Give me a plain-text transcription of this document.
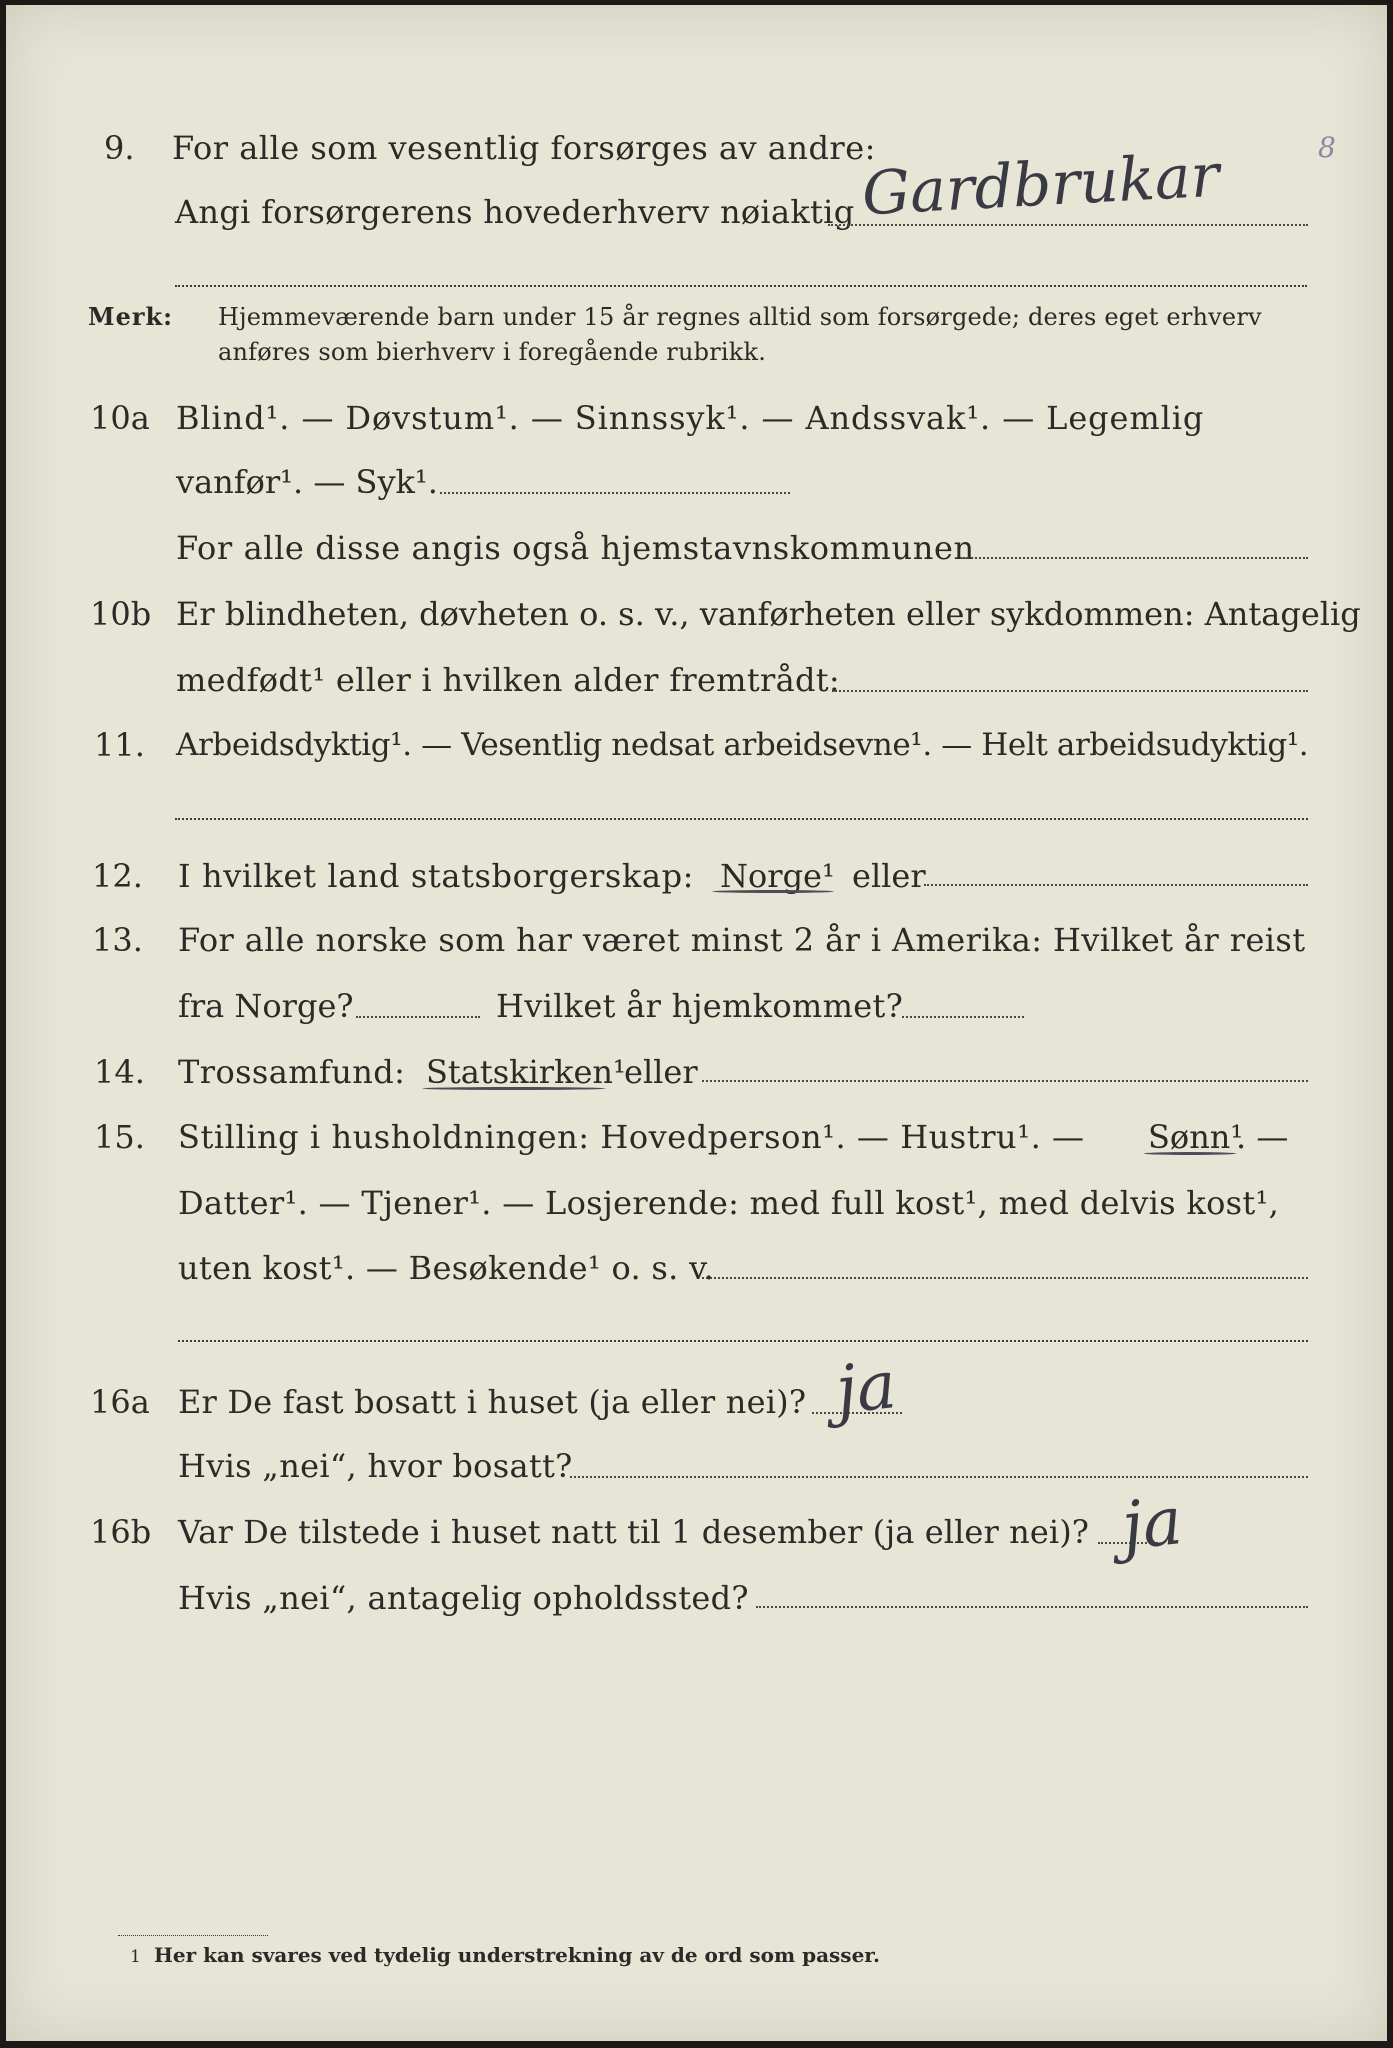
9. For alle som vesentlig forsørges av andre:
Angi forsørgerens hovederhverv nøiaktig Gardbrukar	8
Merk: Hjemmeværende barn under 15 år regnes alltid som forsørgede; deres eget erhverv
anføres som bierhverv i foregående rubrikk.
10a Blind¹. — Døvstum¹. — Sinnssyk¹. — Andssvak¹. — Legemlig
vanfør¹. — Syk¹.
For alle disse angis også hjemstavnskommunen
10b Er blindheten, døvheten o. s. v., vanførheten eller sykdommen: Antagelig
medfødt¹ eller i hvilken alder fremtrådt:
11. Arbeidsdyktig¹. — Vesentlig nedsat arbeidsevne¹. — Helt arbeidsudyktig¹.
12. I hvilket land statsborgerskap: Norge¹ eller
13. For alle norske som har været minst 2 år i Amerika: Hvilket år reist
fra Norge?	Hvilket år hjemkommet?
14. Trossamfund: Statskirken¹
eller
15. Stilling i husholdningen: Hovedperson¹. — Hustru¹. — Sønn¹
. —
Datter¹. — Tjener¹. — Losjerende: med full kost¹, med delvis kost¹,
uten kost¹. — Besøkende¹ o. s. v.
16a Er De fast bosatt i huset (ja eller nei)? ja
Hvis „nei“, hvor bosatt?
16b Var De tilstede i huset natt til 1 desember (ja eller nei)? ja
Hvis „nei“, antagelig opholdssted?
1 Her kan svares ved tydelig understrekning av de ord som passer.
